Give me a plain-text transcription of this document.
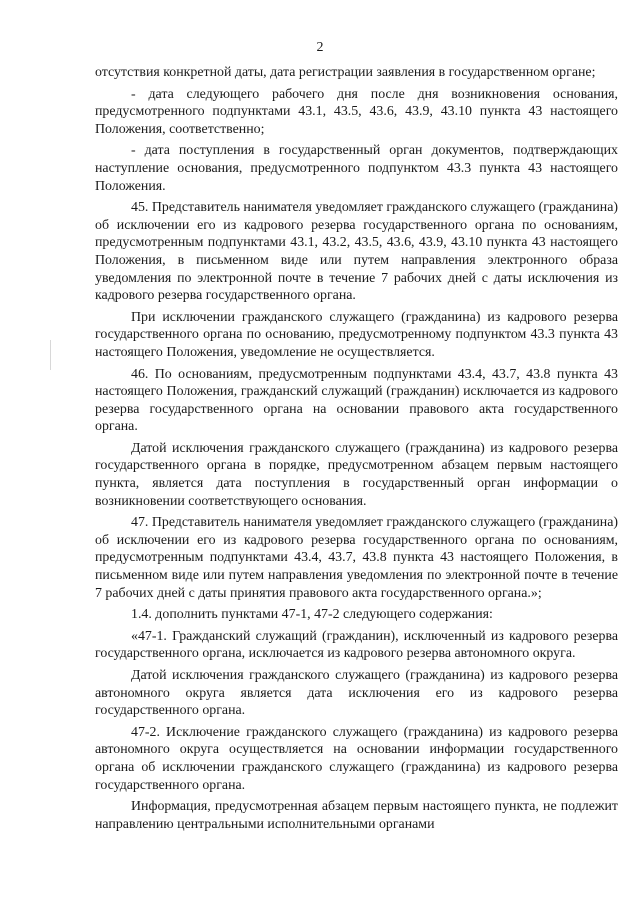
2

отсутствия конкретной даты, дата регистрации заявления в государственном органе;

- дата следующего рабочего дня после дня возникновения основания, предусмотренного подпунктами 43.1, 43.5, 43.6, 43.9, 43.10 пункта 43 настоящего Положения, соответственно;

- дата поступления в государственный орган документов, подтверждающих наступление основания, предусмотренного подпунктом 43.3 пункта 43 настоящего Положения.

45. Представитель нанимателя уведомляет гражданского служащего (гражданина) об исключении его из кадрового резерва государственного органа по основаниям, предусмотренным подпунктами 43.1, 43.2, 43.5, 43.6, 43.9, 43.10 пункта 43 настоящего Положения, в письменном виде или путем направления электронного образа уведомления по электронной почте в течение 7 рабочих дней с даты исключения из кадрового резерва государственного органа.

При исключении гражданского служащего (гражданина) из кадрового резерва государственного органа по основанию, предусмотренному подпунктом 43.3 пункта 43 настоящего Положения, уведомление не осуществляется.

46. По основаниям, предусмотренным подпунктами 43.4, 43.7, 43.8 пункта 43 настоящего Положения, гражданский служащий (гражданин) исключается из кадрового резерва государственного органа на основании правового акта государственного органа.

Датой исключения гражданского служащего (гражданина) из кадрового резерва государственного органа в порядке, предусмотренном абзацем первым настоящего пункта, является дата поступления в государственный орган информации о возникновении соответствующего основания.

47. Представитель нанимателя уведомляет гражданского служащего (гражданина) об исключении его из кадрового резерва государственного органа по основаниям, предусмотренным подпунктами 43.4, 43.7, 43.8 пункта 43 настоящего Положения, в письменном виде или путем направления уведомления по электронной почте в течение 7 рабочих дней с даты принятия правового акта государственного органа.»;

1.4. дополнить пунктами 47-1, 47-2 следующего содержания:

«47-1. Гражданский служащий (гражданин), исключенный из кадрового резерва государственного органа, исключается из кадрового резерва автономного округа.

Датой исключения гражданского служащего (гражданина) из кадрового резерва автономного округа является дата исключения его из кадрового резерва государственного органа.

47-2. Исключение гражданского служащего (гражданина) из кадрового резерва автономного округа осуществляется на основании информации государственного органа об исключении гражданского служащего (гражданина) из кадрового резерва государственного органа.

Информация, предусмотренная абзацем первым настоящего пункта, не подлежит направлению центральными исполнительными органами
